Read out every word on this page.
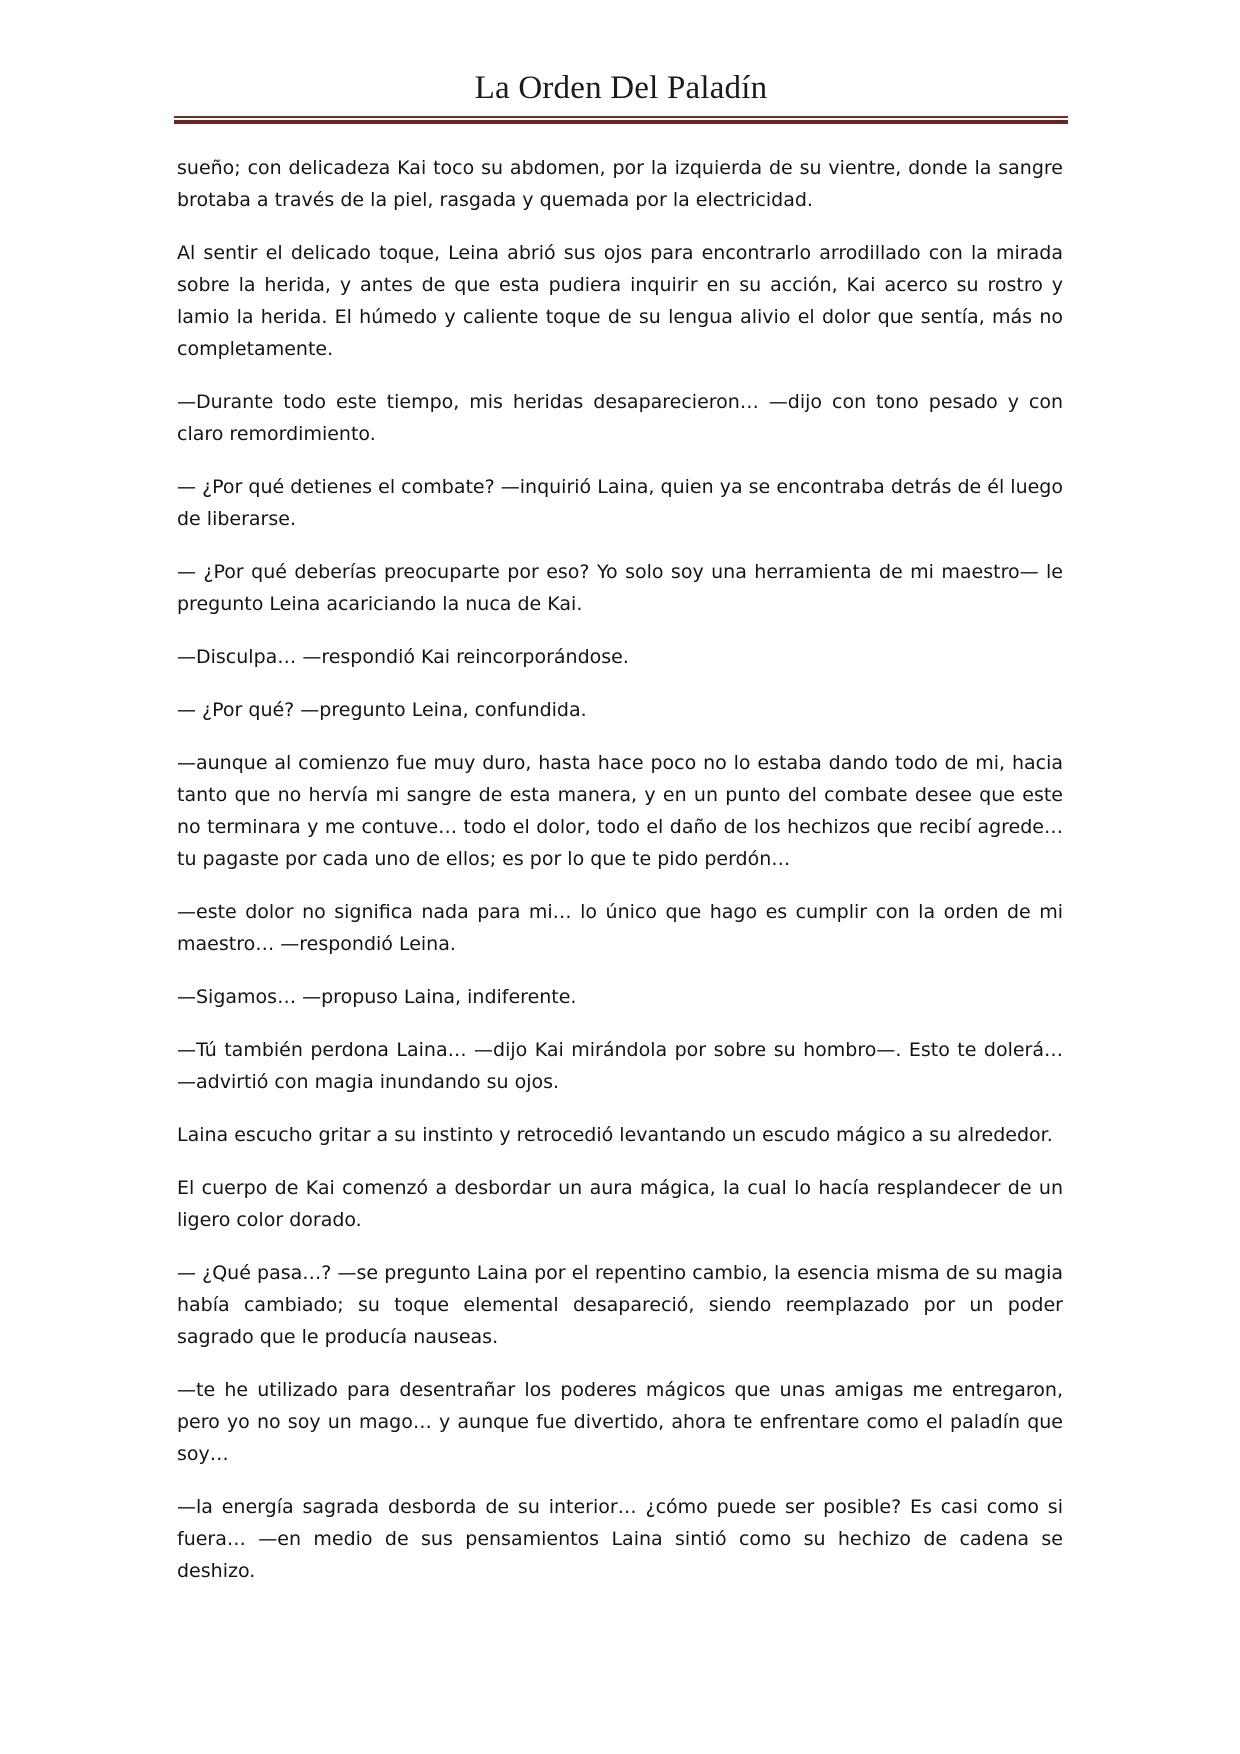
La Orden Del Paladín

sueño; con delicadeza Kai toco su abdomen, por la izquierda de su vientre, donde la sangre brotaba a través de la piel, rasgada y quemada por la electricidad.

Al sentir el delicado toque, Leina abrió sus ojos para encontrarlo arrodillado con la mirada sobre la herida, y antes de que esta pudiera inquirir en su acción, Kai acerco su rostro y lamio la herida. El húmedo y caliente toque de su lengua alivio el dolor que sentía, más no completamente.

—Durante todo este tiempo, mis heridas desaparecieron… —dijo con tono pesado y con claro remordimiento.

— ¿Por qué detienes el combate? —inquirió Laina, quien ya se encontraba detrás de él luego de liberarse.

— ¿Por qué deberías preocuparte por eso? Yo solo soy una herramienta de mi maestro— le pregunto Leina acariciando la nuca de Kai.

—Disculpa… —respondió Kai reincorporándose.

— ¿Por qué? —pregunto Leina, confundida.

—aunque al comienzo fue muy duro, hasta hace poco no lo estaba dando todo de mi, hacia tanto que no hervía mi sangre de esta manera, y en un punto del combate desee que este no terminara y me contuve… todo el dolor, todo el daño de los hechizos que recibí agrede… tu pagaste por cada uno de ellos; es por lo que te pido perdón…

—este dolor no significa nada para mi… lo único que hago es cumplir con la orden de mi maestro… —respondió Leina.

—Sigamos… —propuso Laina, indiferente.

—Tú también perdona Laina… —dijo Kai mirándola por sobre su hombro—. Esto te dolerá… —advirtió con magia inundando su ojos.

Laina escucho gritar a su instinto y retrocedió levantando un escudo mágico a su alrededor.

El cuerpo de Kai comenzó a desbordar un aura mágica, la cual lo hacía resplandecer de un ligero color dorado.

— ¿Qué pasa…? —se pregunto Laina por el repentino cambio, la esencia misma de su magia había cambiado; su toque elemental desapareció, siendo reemplazado por un poder sagrado que le producía nauseas.

—te he utilizado para desentrañar los poderes mágicos que unas amigas me entregaron, pero yo no soy un mago… y aunque fue divertido, ahora te enfrentare como el paladín que soy…

—la energía sagrada desborda de su interior… ¿cómo puede ser posible? Es casi como si fuera… —en medio de sus pensamientos Laina sintió como su hechizo de cadena se deshizo.
